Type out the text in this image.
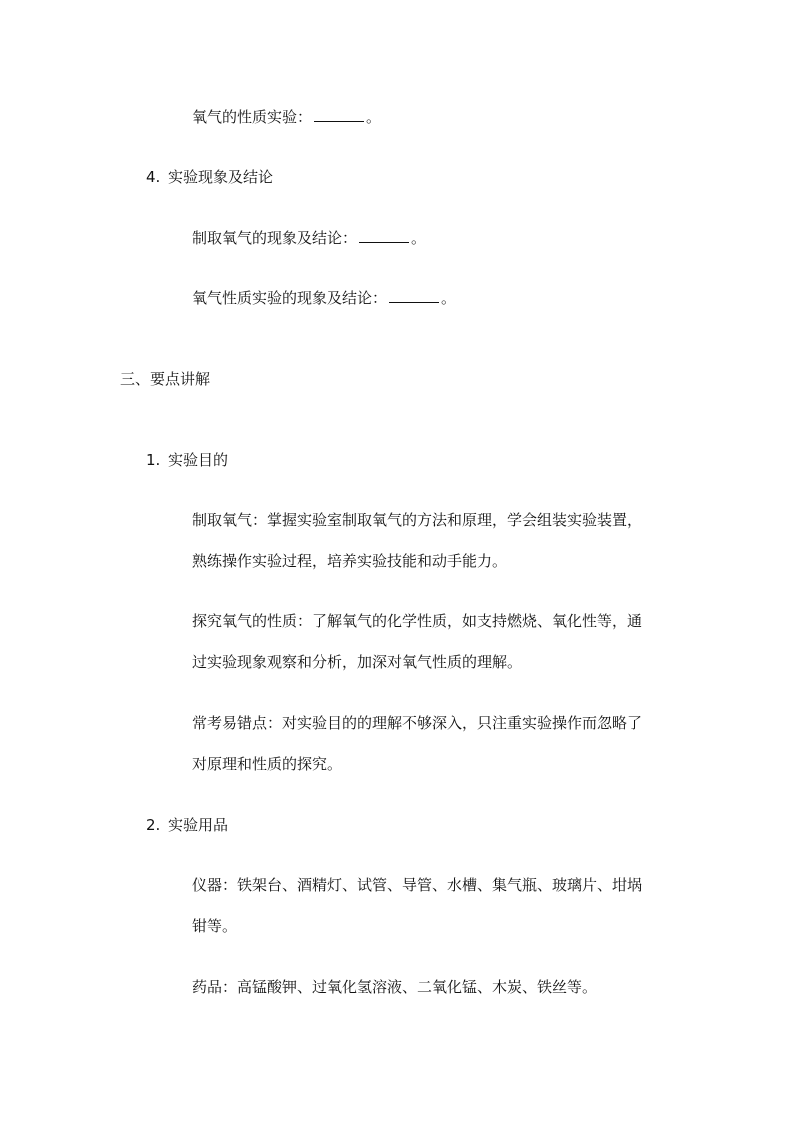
氧气的性质实验：	。
4. 实验现象及结论
制取氧气的现象及结论：	。
氧气性质实验的现象及结论：	。
三、要点讲解
1. 实验目的
制取氧气：掌握实验室制取氧气的方法和原理，学会组装实验装置，
熟练操作实验过程，培养实验技能和动手能力。
探究氧气的性质：了解氧气的化学性质，如支持燃烧、氧化性等，通
过实验现象观察和分析，加深对氧气性质的理解。
常考易错点：对实验目的的理解不够深入，只注重实验操作而忽略了
对原理和性质的探究。
2. 实验用品
仪器：铁架台、酒精灯、试管、导管、水槽、集气瓶、玻璃片、坩埚
钳等。
药品：高锰酸钾、过氧化氢溶液、二氧化锰、木炭、铁丝等。
